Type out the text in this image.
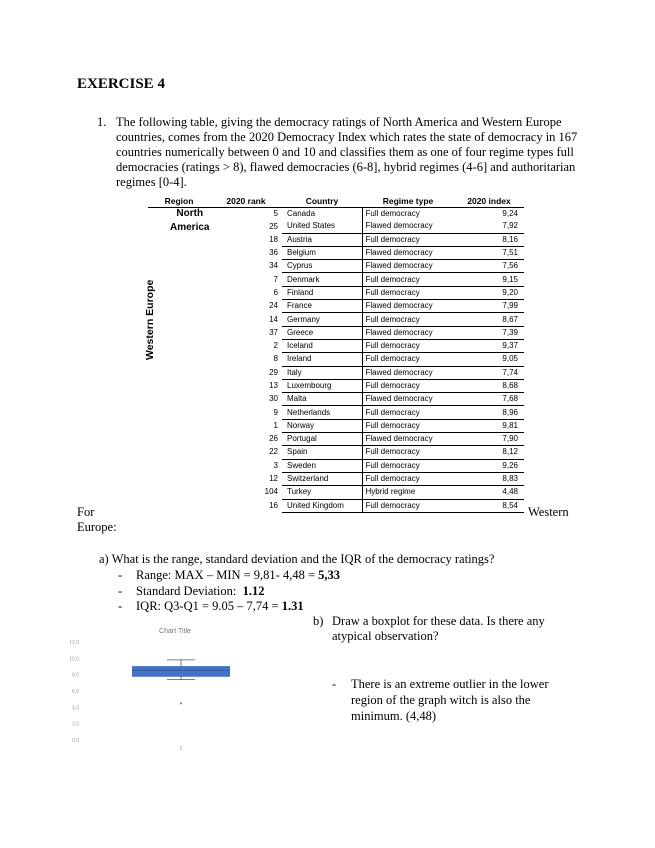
EXERCISE 4
1. The following table, giving the democracy ratings of North America and Western Europe countries, comes from the 2020 Democracy Index which rates the state of democracy in 167 countries numerically between 0 and 10 and classifies them as one of four regime types full democracies (ratings > 8), flawed democracies (6-8], hybrid regimes (4-6] and authoritarian regimes [0-4].
Region	2020 rank	Country	Regime type	2020 index
	5	Canada	Full democracy	9,24
	25	United States	Flawed democracy	7,92
	18	Austria	Full democracy	8,16
	36	Belgium	Flawed democracy	7,51
	34	Cyprus	Flawed democracy	7,56
	7	Denmark	Full democracy	9,15
	6	Finland	Full democracy	9,20
	24	France	Flawed democracy	7,99
	14	Germany	Full democracy	8,67
	37	Greece	Flawed democracy	7,39
	2	Iceland	Full democracy	9,37
	8	Ireland	Full democracy	9,05
	29	Italy	Flawed democracy	7,74
	13	Luxembourg	Full democracy	8,68
	30	Malta	Flawed democracy	7,68
	9	Netherlands	Full democracy	8,96
	1	Norway	Full democracy	9,81
	26	Portugal	Flawed democracy	7,90
	22	Spain	Full democracy	8,12
	3	Sweden	Full democracy	9,26
	12	Switzerland	Full democracy	8,83
	104	Turkey	Hybrid regime	4,48
	16	United Kingdom	Full democracy	8,54
North
America
Western Europe
For	Western
Europe:
a) What is the range, standard deviation and the IQR of the democracy ratings?
- Range: MAX – MIN = 9,81- 4,48 = 5,33
- Standard Deviation:  1.12
- IQR: Q3-Q1 = 9.05 – 7,74 = 1.31
b) Draw a boxplot for these data. Is there any atypical observation?
- There is an extreme outlier in the lower region of the graph witch is also the minimum. (4,48)
Chart Title
12,0
10,0
8,0
6,0
4,0
2,0
0,0
1
